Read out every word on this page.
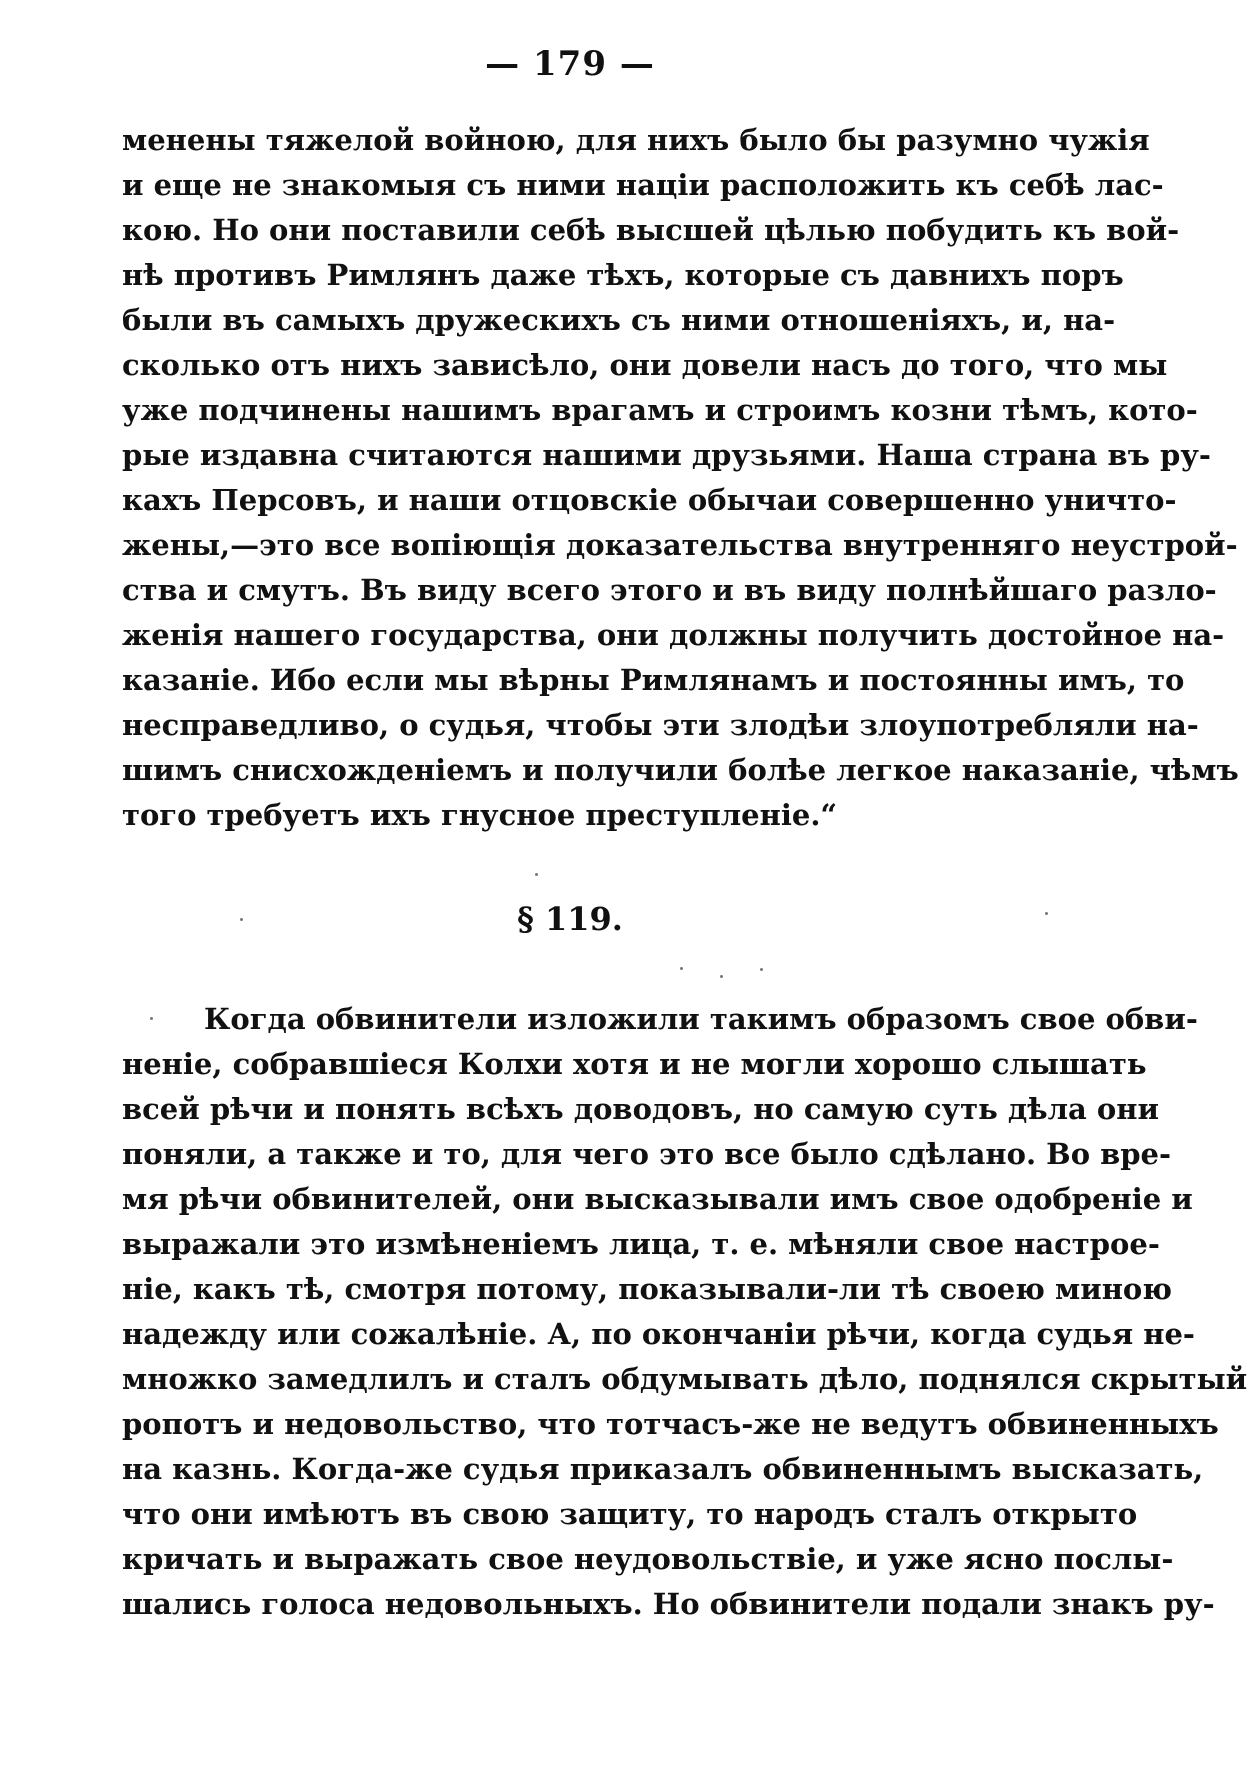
— 179 —
менены тяжелой войною, для нихъ было бы разумно чужія
и еще не знакомыя съ ними націи расположить къ себѣ лас-
кою. Но они поставили себѣ высшей цѣлью побудить къ вой-
нѣ противъ Римлянъ даже тѣхъ, которые съ давнихъ поръ
были въ самыхъ дружескихъ съ ними отношеніяхъ, и, на-
сколько отъ нихъ зависѣло, они довели насъ до того, что мы
уже подчинены нашимъ врагамъ и строимъ козни тѣмъ, кото-
рые издавна считаются нашими друзьями. Наша страна въ ру-
кахъ Персовъ, и наши отцовскіе обычаи совершенно уничто-
жены,—это все вопіющія доказательства внутренняго неустрой-
ства и смутъ. Въ виду всего этого и въ виду полнѣйшаго разло-
женія нашего государства, они должны получить достойное на-
казаніе. Ибо если мы вѣрны Римлянамъ и постоянны имъ, то
несправедливо, о судья, чтобы эти злодѣи злоупотребляли на-
шимъ снисхожденіемъ и получили болѣе легкое наказаніе, чѣмъ
того требуетъ ихъ гнусное преступленіе.“
§ 119.
Когда обвинители изложили такимъ образомъ свое обви-
неніе, собравшіеся Колхи хотя и не могли хорошо слышать
всей рѣчи и понять всѣхъ доводовъ, но самую суть дѣла они
поняли, а также и то, для чего это все было сдѣлано. Во вре-
мя рѣчи обвинителей, они высказывали имъ свое одобреніе и
выражали это измѣненіемъ лица, т. е. мѣняли свое настрое-
ніе, какъ тѣ, смотря потому, показывали-ли тѣ своею миною
надежду или сожалѣніе. А, по окончаніи рѣчи, когда судья не-
множко замедлилъ и сталъ обдумывать дѣло, поднялся скрытый
ропотъ и недовольство, что тотчасъ-же не ведутъ обвиненныхъ
на казнь. Когда-же судья приказалъ обвиненнымъ высказать,
что они имѣютъ въ свою защиту, то народъ сталъ открыто
кричать и выражать свое неудовольствіе, и уже ясно послы-
шались голоса недовольныхъ. Но обвинители подали знакъ ру-
